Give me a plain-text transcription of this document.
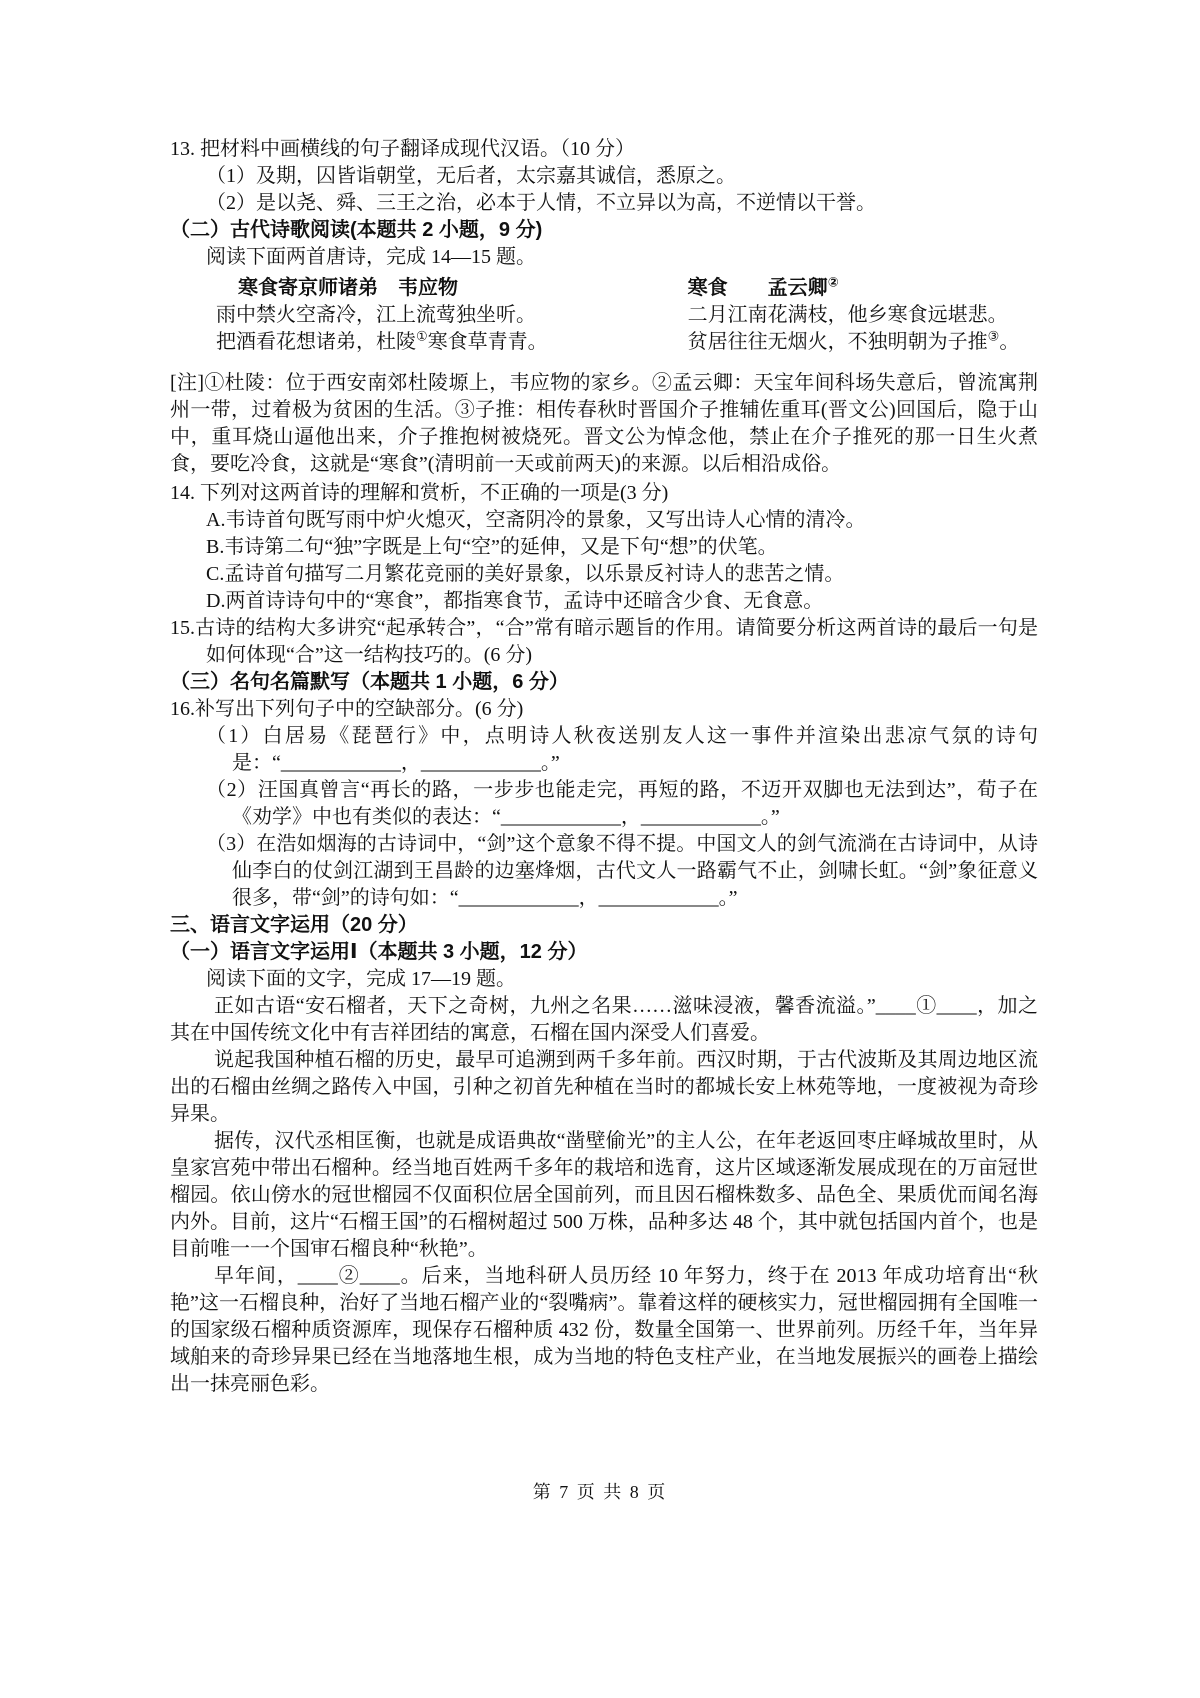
13. 把材料中画横线的句子翻译成现代汉语。（10 分）

（1）及期，囚皆诣朝堂，无后者，太宗嘉其诚信，悉原之。

（2）是以尧、舜、三王之治，必本于人情，不立异以为高，不逆情以干誉。

（二）古代诗歌阅读(本题共 2 小题，9 分)

阅读下面两首唐诗，完成 14—15 题。

寒食寄京师诸弟　韦应物

雨中禁火空斋冷，江上流莺独坐听。

把酒看花想诸弟，杜陵①寒食草青青。

寒食　　孟云卿②

二月江南花满枝，他乡寒食远堪悲。

贫居往往无烟火，不独明朝为子推③。

[注]①杜陵：位于西安南郊杜陵塬上，韦应物的家乡。②孟云卿：天宝年间科场失意后，曾流寓荆州一带，过着极为贫困的生活。③子推：相传春秋时晋国介子推辅佐重耳(晋文公)回国后，隐于山中，重耳烧山逼他出来，介子推抱树被烧死。晋文公为悼念他，禁止在介子推死的那一日生火煮食，要吃冷食，这就是“寒食”(清明前一天或前两天)的来源。以后相沿成俗。

14. 下列对这两首诗的理解和赏析，不正确的一项是(3 分)

A.韦诗首句既写雨中炉火熄灭，空斋阴冷的景象，又写出诗人心情的清冷。

B.韦诗第二句“独”字既是上句“空”的延伸，又是下句“想”的伏笔。

C.孟诗首句描写二月繁花竞丽的美好景象，以乐景反衬诗人的悲苦之情。

D.两首诗诗句中的“寒食”，都指寒食节，孟诗中还暗含少食、无食意。

15.古诗的结构大多讲究“起承转合”，“合”常有暗示题旨的作用。请简要分析这两首诗的最后一句是如何体现“合”这一结构技巧的。(6 分)

（三）名句名篇默写（本题共 1 小题，6 分）

16.补写出下列句子中的空缺部分。(6 分)

（1）白居易《琵琶行》中，点明诗人秋夜送别友人这一事件并渲染出悲凉气氛的诗句是：“____________，____________。”

（2）汪国真曾言“再长的路，一步步也能走完，再短的路，不迈开双脚也无法到达”，荀子在《劝学》中也有类似的表达：“____________，____________。”

（3）在浩如烟海的古诗词中，“剑”这个意象不得不提。中国文人的剑气流淌在古诗词中，从诗仙李白的仗剑江湖到王昌龄的边塞烽烟，古代文人一路霸气不止，剑啸长虹。“剑”象征意义很多，带“剑”的诗句如：“____________，____________。”

三、语言文字运用（20 分）

（一）语言文字运用Ⅰ（本题共 3 小题，12 分）

阅读下面的文字，完成 17—19 题。

正如古语“安石榴者，天下之奇树，九州之名果……滋味浸液，馨香流溢。”____①____，加之其在中国传统文化中有吉祥团结的寓意，石榴在国内深受人们喜爱。

说起我国种植石榴的历史，最早可追溯到两千多年前。西汉时期，于古代波斯及其周边地区流出的石榴由丝绸之路传入中国，引种之初首先种植在当时的都城长安上林苑等地，一度被视为奇珍异果。

据传，汉代丞相匡衡，也就是成语典故“凿壁偷光”的主人公，在年老返回枣庄峄城故里时，从皇家宫苑中带出石榴种。经当地百姓两千多年的栽培和选育，这片区域逐渐发展成现在的万亩冠世榴园。依山傍水的冠世榴园不仅面积位居全国前列，而且因石榴株数多、品色全、果质优而闻名海内外。目前，这片“石榴王国”的石榴树超过 500 万株，品种多达 48 个，其中就包括国内首个，也是目前唯一一个国审石榴良种“秋艳”。

早年间，____②____。后来，当地科研人员历经 10 年努力，终于在 2013 年成功培育出“秋艳”这一石榴良种，治好了当地石榴产业的“裂嘴病”。靠着这样的硬核实力，冠世榴园拥有全国唯一的国家级石榴种质资源库，现保存石榴种质 432 份，数量全国第一、世界前列。历经千年，当年异域舶来的奇珍异果已经在当地落地生根，成为当地的特色支柱产业，在当地发展振兴的画卷上描绘出一抹亮丽色彩。

第 7 页 共 8 页
